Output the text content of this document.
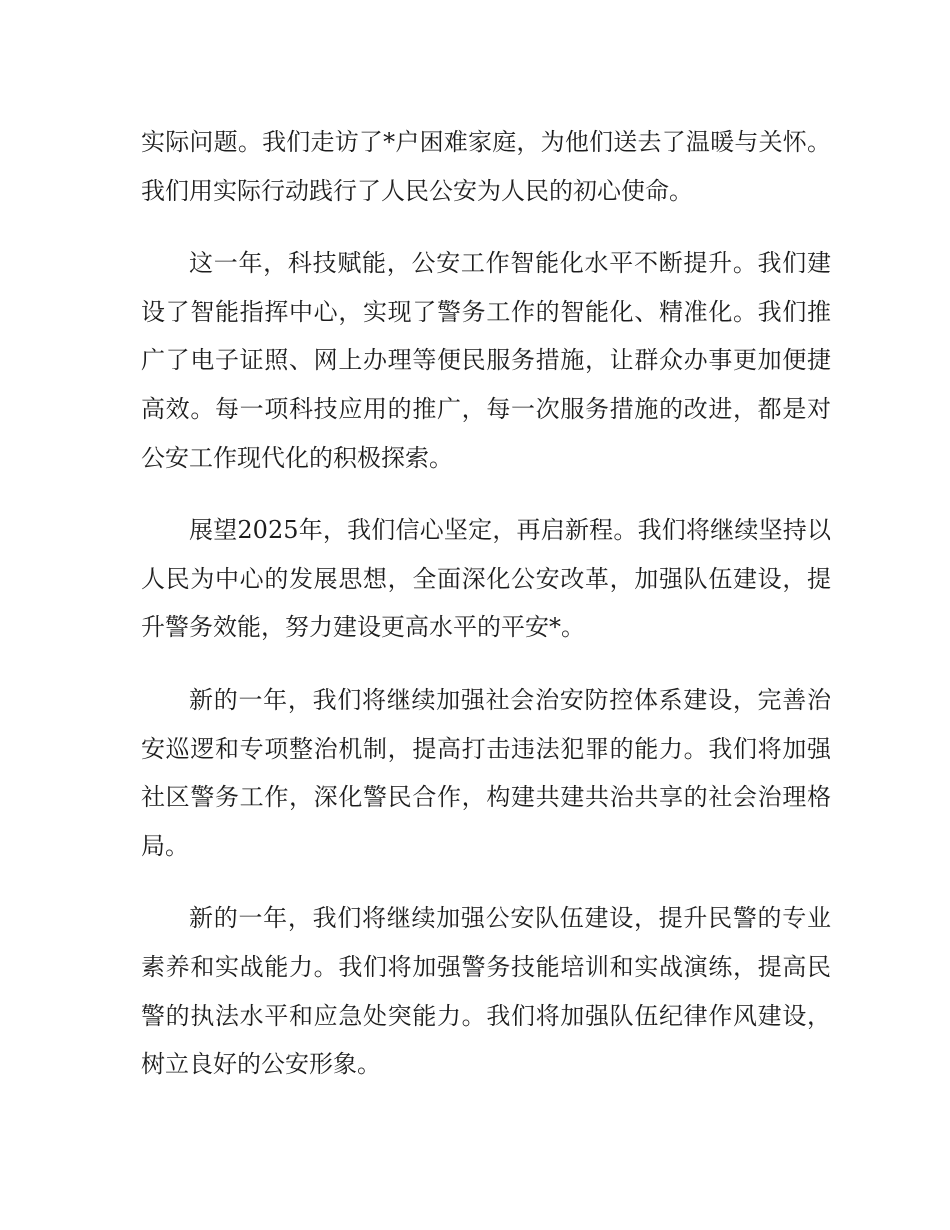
实际问题。我们走访了*户困难家庭，为他们送去了温暖与关怀。我们用实际行动践行了人民公安为人民的初心使命。

这一年，科技赋能，公安工作智能化水平不断提升。我们建设了智能指挥中心，实现了警务工作的智能化、精准化。我们推广了电子证照、网上办理等便民服务措施，让群众办事更加便捷高效。每一项科技应用的推广，每一次服务措施的改进，都是对公安工作现代化的积极探索。

展望2025年，我们信心坚定，再启新程。我们将继续坚持以人民为中心的发展思想，全面深化公安改革，加强队伍建设，提升警务效能，努力建设更高水平的平安*。

新的一年，我们将继续加强社会治安防控体系建设，完善治安巡逻和专项整治机制，提高打击违法犯罪的能力。我们将加强社区警务工作，深化警民合作，构建共建共治共享的社会治理格局。

新的一年，我们将继续加强公安队伍建设，提升民警的专业素养和实战能力。我们将加强警务技能培训和实战演练，提高民警的执法水平和应急处突能力。我们将加强队伍纪律作风建设，树立良好的公安形象。
